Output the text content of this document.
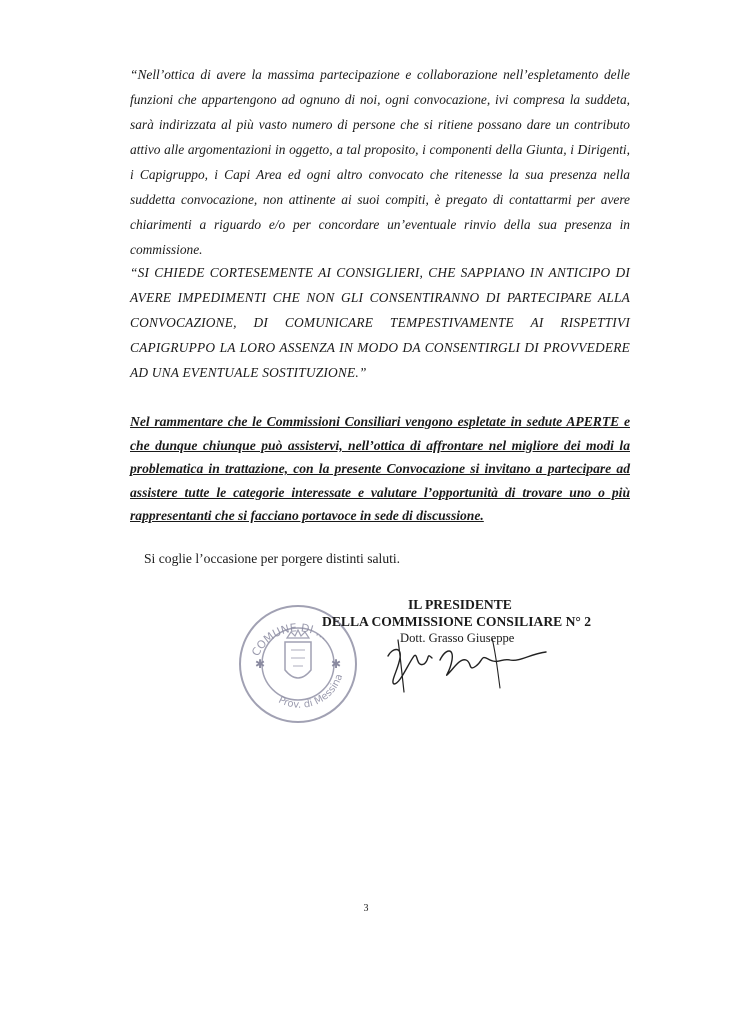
“Nell’ottica di avere la massima partecipazione e collaborazione nell’espletamento delle funzioni che appartengono ad ognuno di noi, ogni convocazione, ivi compresa la suddeta, sarà indirizzata al più vasto numero di persone che si ritiene possano dare un contributo attivo alle argomentazioni in oggetto, a tal proposito, i componenti della Giunta, i Dirigenti, i Capigruppo, i Capi Area ed ogni altro convocato che ritenesse la sua presenza nella suddetta convocazione, non attinente ai suoi compiti, è pregato di contattarmi per avere chiarimenti a riguardo e/o per concordare un’eventuale rinvio della sua presenza in commissione.

“SI CHIEDE CORTESEMENTE AI CONSIGLIERI, CHE SAPPIANO IN ANTICIPO DI
AVERE IMPEDIMENTI CHE NON GLI CONSENTIRANNO DI PARTECIPARE ALLA
CONVOCAZIONE, DI COMUNICARE TEMPESTIVAMENTE AI RISPETTIVI
CAPIGRUPPO LA LORO ASSENZA IN MODO DA CONSENTIRGLI DI PROVVEDERE
AD UNA EVENTUALE SOSTITUZIONE.”
Nel rammentare che le Commissioni Consiliari vengono espletate in sedute APERTE e
che dunque chiunque può assistervi, nell’ottica di affrontare nel migliore dei modi la
problematica in trattazione, con la presente Convocazione si invitano a partecipare ad
assistere tutte le categorie interessate e valutare l’opportunità di trovare uno o più
rappresentanti che si facciano portavoce in sede di discussione.
Si coglie l’occasione per porgere distinti saluti.
COMUNE DI ...
Prov. di Messina
✱	✱
IL PRESIDENTE
DELLA COMMISSIONE CONSILIARE N° 2
Dott. Grasso Giuseppe
3
